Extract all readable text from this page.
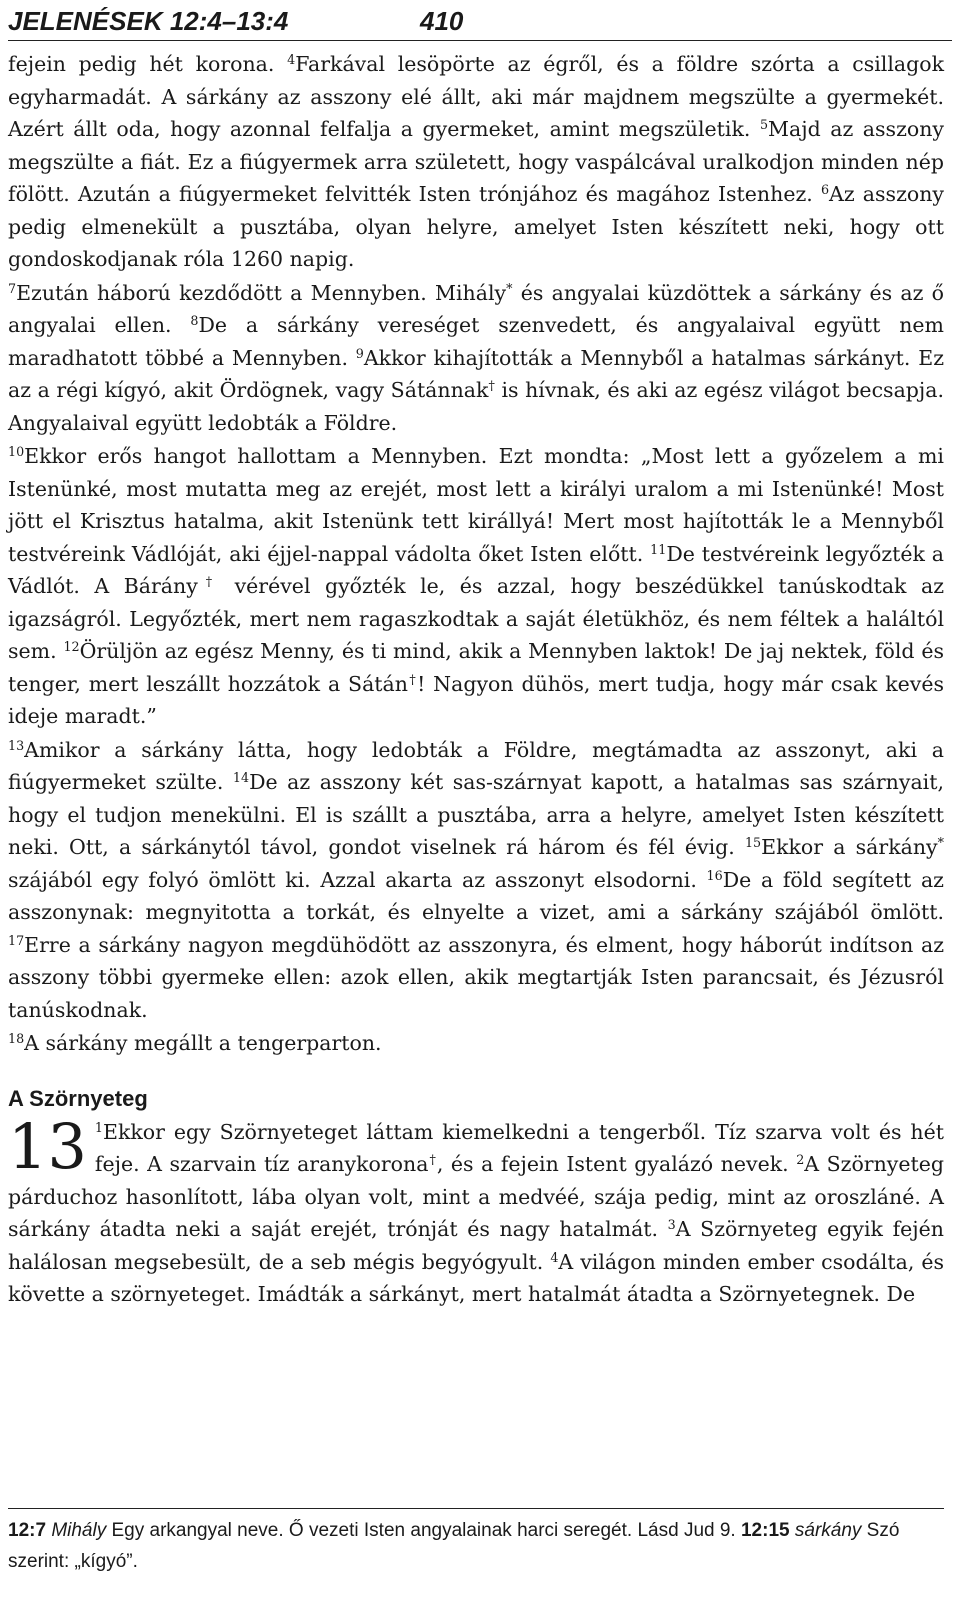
JELENÉSEK 12:4–13:4	410

fejein pedig hét korona. $^4$Farkával lesöpörte az égről, és a földre szórta a csillagok egyharmadát. A sárkány az asszony elé állt, aki már majdnem megszülte a gyermekét. Azért állt oda, hogy azonnal felfalja a gyermeket, amint megszületik. $^5$Majd az asszony megszülte a fiát. Ez a fiúgyermek arra született, hogy vaspálcával uralkodjon minden nép fölött. Azután a fiúgyermeket felvitték Isten trónjához és magához Istenhez. $^6$Az asszony pedig elmenekült a pusztába, olyan helyre, amelyet Isten készített neki, hogy ott gondoskodjanak róla 1260 napig.

$^7$Ezután háború kezdődött a Mennyben. Mihály* és angyalai küzdöttek a sárkány és az ő angyalai ellen. $^8$De a sárkány vereséget szenvedett, és angyalaival együtt nem maradhatott többé a Mennyben. $^9$Akkor kihajították a Mennyből a hatalmas sárkányt. Ez az a régi kígyó, akit Ördögnek, vagy Sátánnak† is hívnak, és aki az egész világot becsapja. Angyalaival együtt ledobták a Földre.

$^{10}$Ekkor erős hangot hallottam a Mennyben. Ezt mondta: „Most lett a győzelem a mi Istenünké, most mutatta meg az erejét, most lett a királyi uralom a mi Istenünké! Most jött el Krisztus hatalma, akit Istenünk tett királlyá! Mert most hajították le a Mennyből testvéreink Vádlóját, aki éjjel-nappal vádolta őket Isten előtt. $^{11}$De testvéreink legyőzték a Vádlót. A Bárány† vérével győzték le, és azzal, hogy beszédükkel tanúskodtak az igazságról. Legyőzték, mert nem ragaszkodtak a saját életükhöz, és nem féltek a haláltól sem. $^{12}$Örüljön az egész Menny, és ti mind, akik a Mennyben laktok! De jaj nektek, föld és tenger, mert leszállt hozzátok a Sátán†! Nagyon dühös, mert tudja, hogy már csak kevés ideje maradt.”

$^{13}$Amikor a sárkány látta, hogy ledobták a Földre, megtámadta az asszonyt, aki a fiúgyermeket szülte. $^{14}$De az asszony két sas-szárnyat kapott, a hatalmas sas szárnyait, hogy el tudjon menekülni. El is szállt a pusztába, arra a helyre, amelyet Isten készített neki. Ott, a sárkánytól távol, gondot viselnek rá három és fél évig. $^{15}$Ekkor a sárkány* szájából egy folyó ömlött ki. Azzal akarta az asszonyt elsodorni. $^{16}$De a föld segített az asszonynak: megnyitotta a torkát, és elnyelte a vizet, ami a sárkány szájából ömlött. $^{17}$Erre a sárkány nagyon megdühödött az asszonyra, és elment, hogy háborút indítson az asszony többi gyermeke ellen: azok ellen, akik megtartják Isten parancsait, és Jézusról tanúskodnak.

$^{18}$A sárkány megállt a tengerparton.

A Szörnyeteg

13 $^1$Ekkor egy Szörnyeteget láttam kiemelkedni a tengerből. Tíz szarva volt és hét feje. A szarvain tíz aranykorona†, és a fejein Istent gyalázó nevek. $^2$A Szörnyeteg párduchoz hasonlított, lába olyan volt, mint a medvéé, szája pedig, mint az oroszláné. A sárkány átadta neki a saját erejét, trónját és nagy hatalmát. $^3$A Szörnyeteg egyik fején halálosan megsebesült, de a seb mégis begyógyult. $^4$A világon minden ember csodálta, és követte a szörnyeteget. Imádták a sárkányt, mert hatalmát átadta a Szörnyetegnek. De

12:7 Mihály Egy arkangyal neve. Ő vezeti Isten angyalainak harci seregét. Lásd Jud 9. 12:15 sárkány Szó szerint: „kígyó”.
